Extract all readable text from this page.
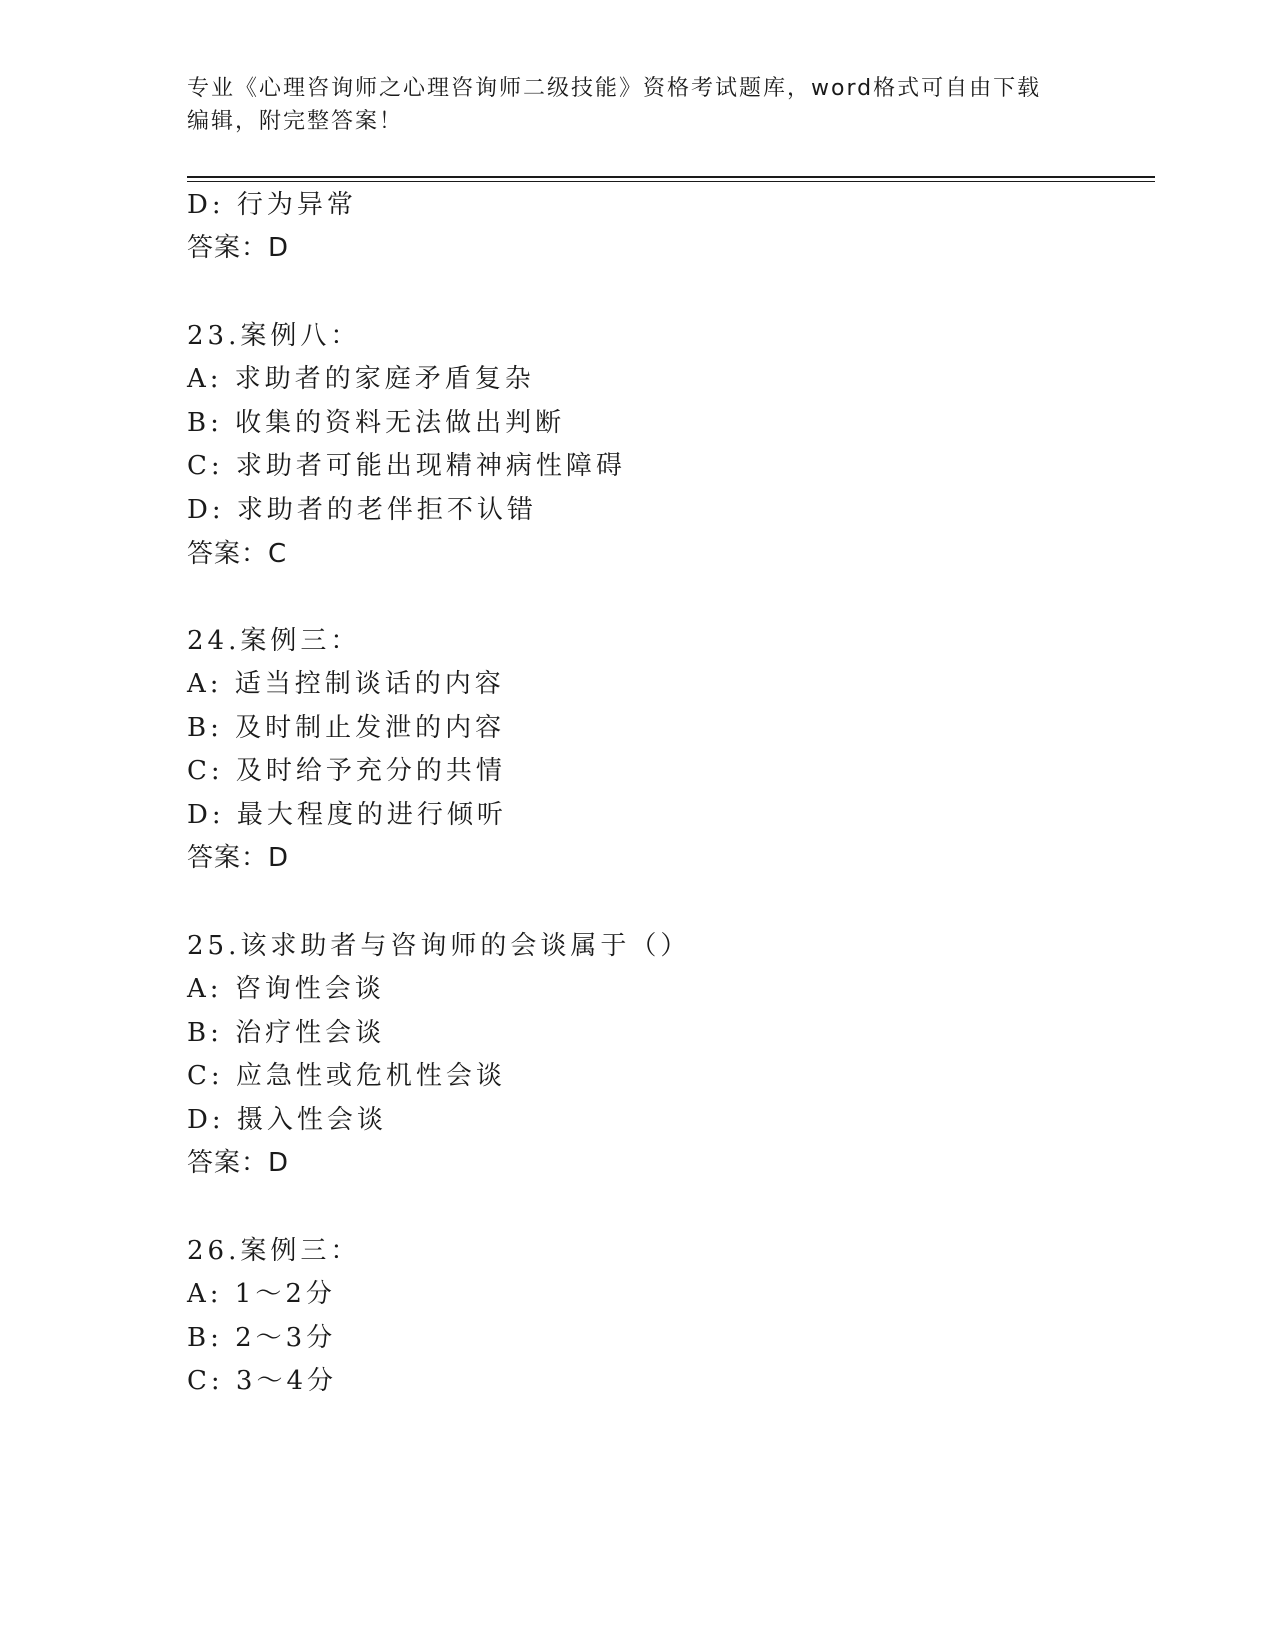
专业《心理咨询师之心理咨询师二级技能》资格考试题库，word格式可自由下载
编辑，附完整答案！
D: 行为异常
答案：D
23.案例八：
A: 求助者的家庭矛盾复杂
B: 收集的资料无法做出判断
C: 求助者可能出现精神病性障碍
D: 求助者的老伴拒不认错
答案：C
24.案例三：
A: 适当控制谈话的内容
B: 及时制止发泄的内容
C: 及时给予充分的共情
D: 最大程度的进行倾听
答案：D
25.该求助者与咨询师的会谈属于（）
A: 咨询性会谈
B: 治疗性会谈
C: 应急性或危机性会谈
D: 摄入性会谈
答案：D
26.案例三：
A: 1～2分
B: 2～3分
C: 3～4分
